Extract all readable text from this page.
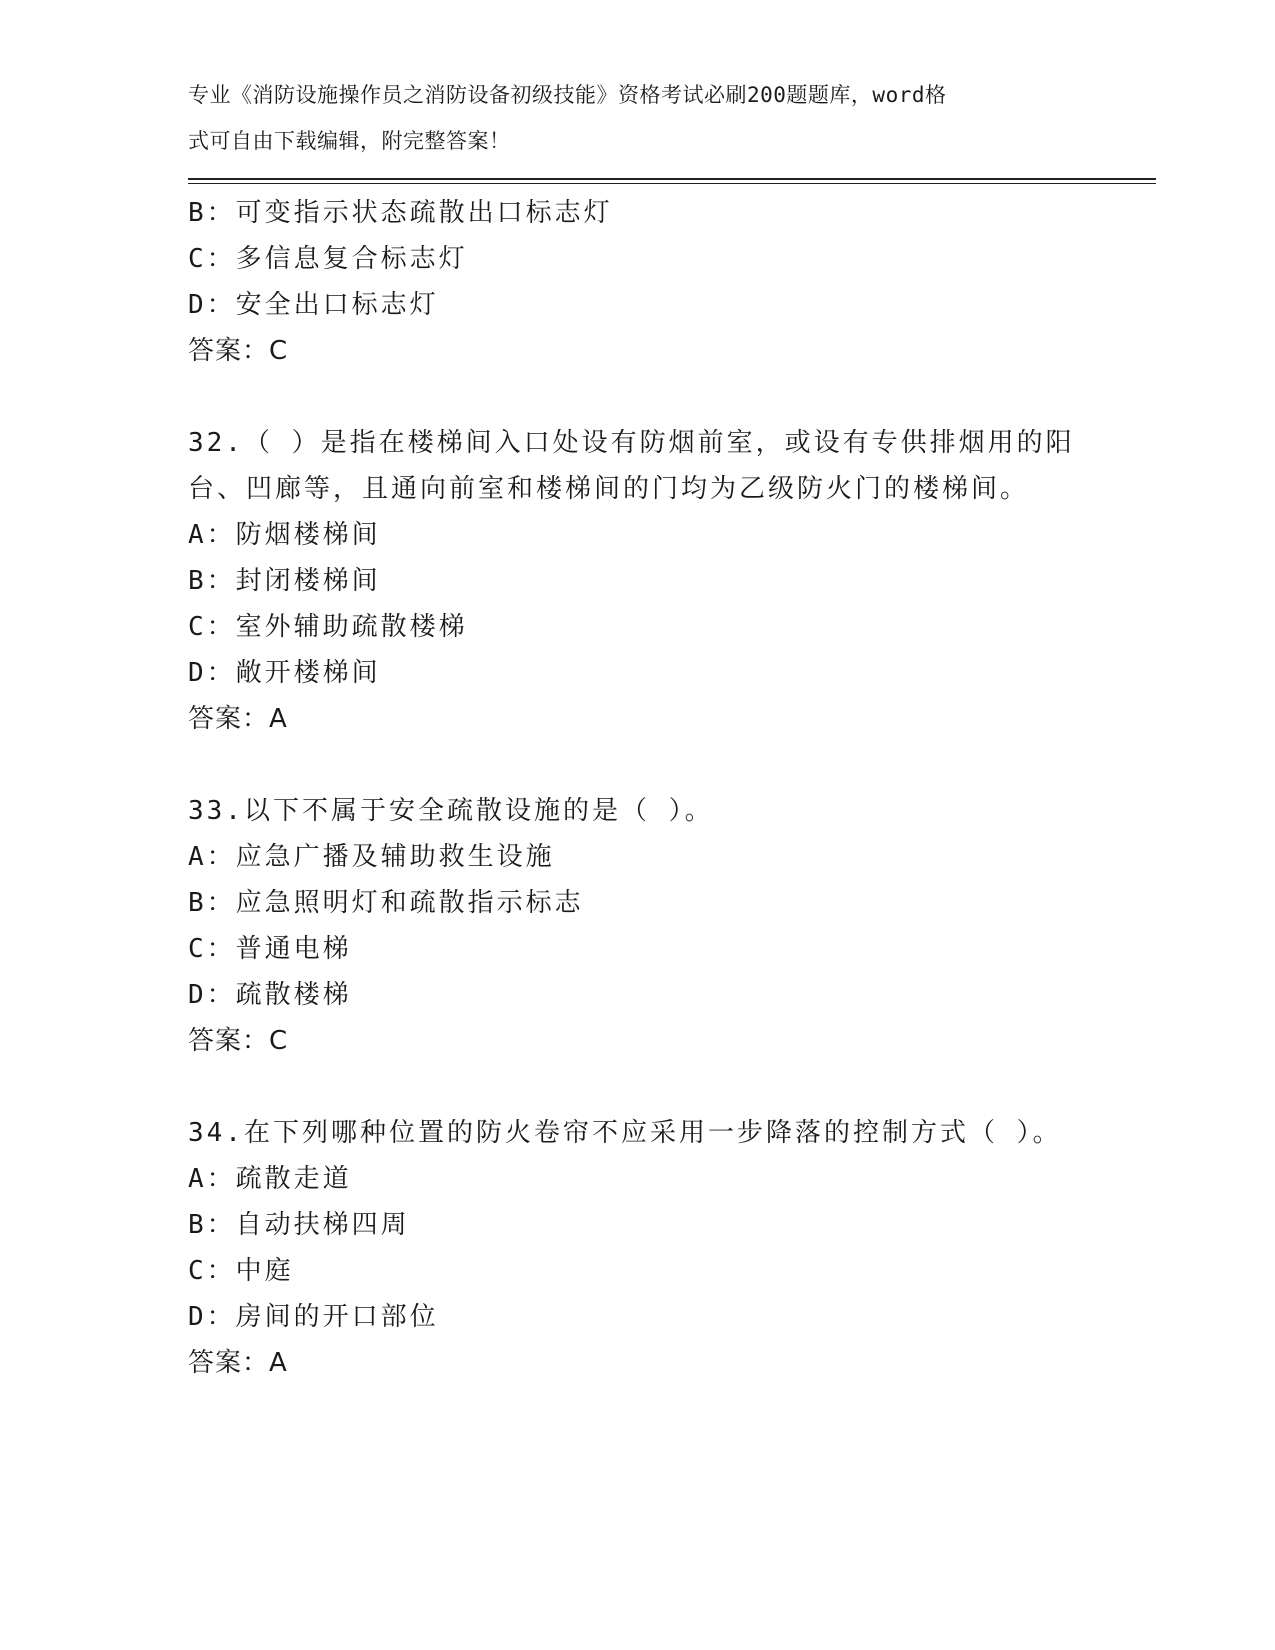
专业《消防设施操作员之消防设备初级技能》资格考试必刷200题题库，word格
式可自由下载编辑，附完整答案！
B：可变指示状态疏散出口标志灯
C：多信息复合标志灯
D：安全出口标志灯
答案：C
32.（ ）是指在楼梯间入口处设有防烟前室，或设有专供排烟用的阳
台、凹廊等，且通向前室和楼梯间的门均为乙级防火门的楼梯间。
A：防烟楼梯间
B：封闭楼梯间
C：室外辅助疏散楼梯
D：敞开楼梯间
答案：A
33.以下不属于安全疏散设施的是（ ）。
A：应急广播及辅助救生设施
B：应急照明灯和疏散指示标志
C：普通电梯
D：疏散楼梯
答案：C
34.在下列哪种位置的防火卷帘不应采用一步降落的控制方式（ ）。
A：疏散走道
B：自动扶梯四周
C：中庭
D：房间的开口部位
答案：A
